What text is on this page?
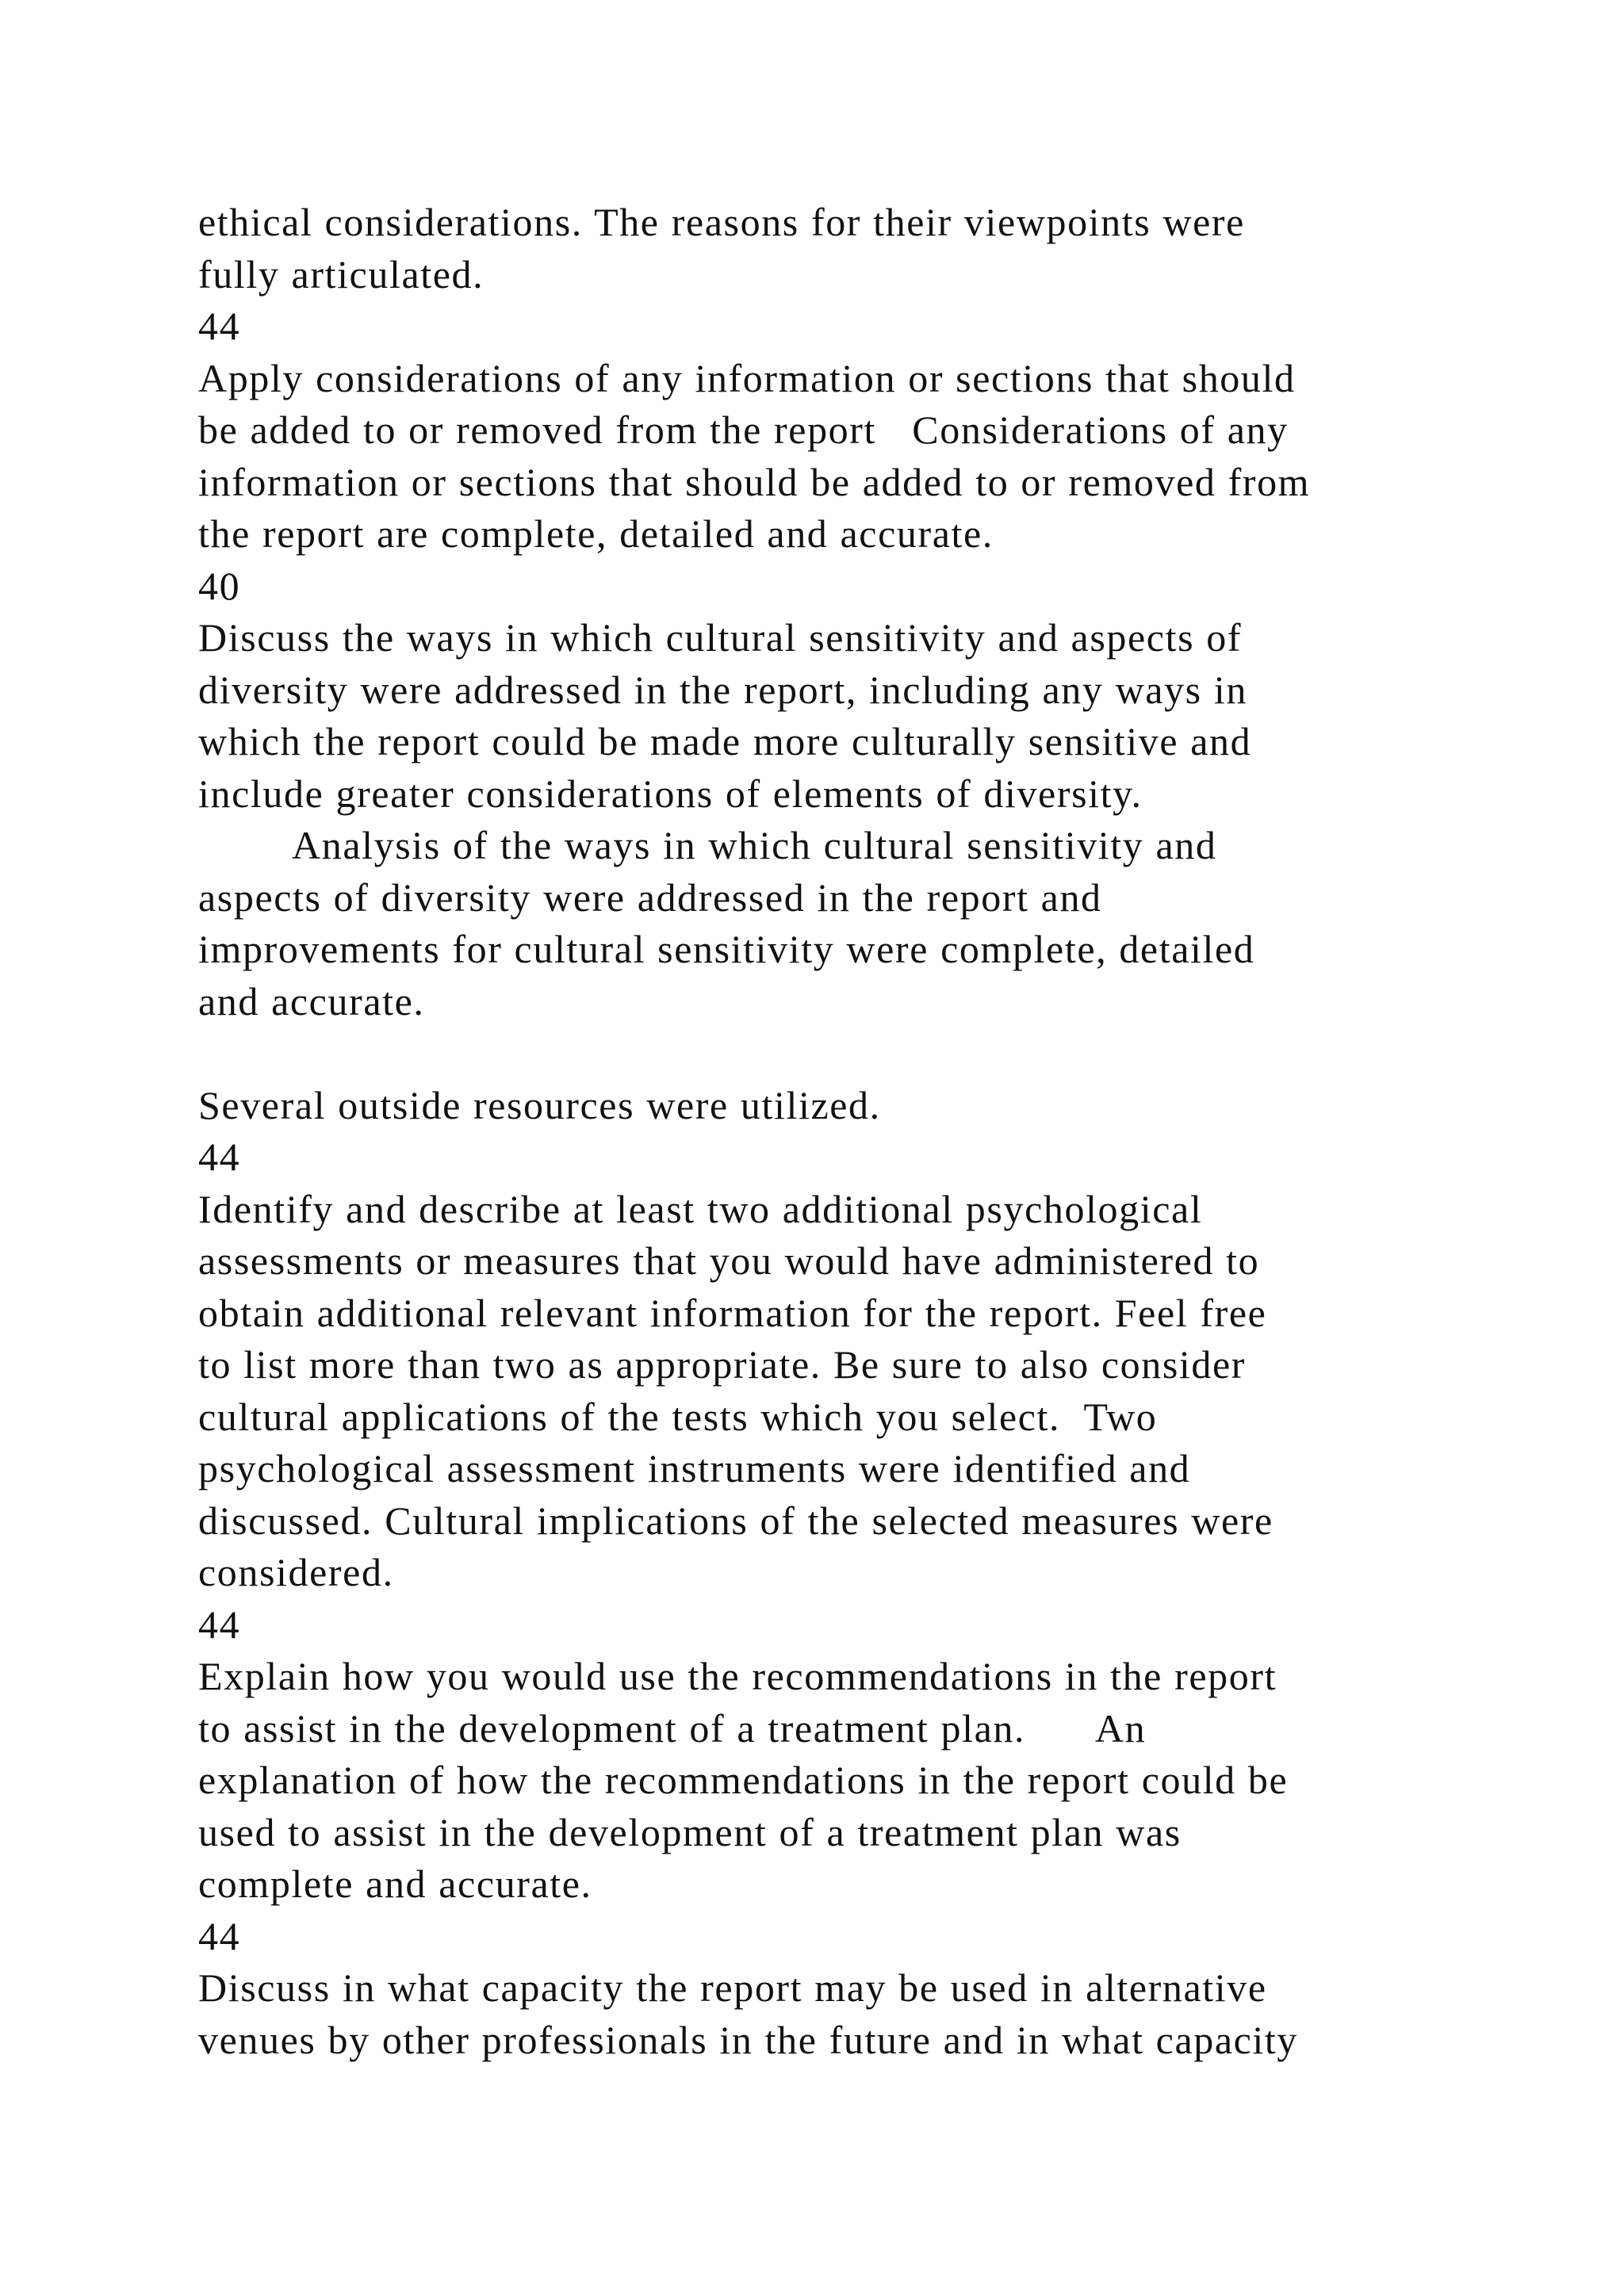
ethical considerations. The reasons for their viewpoints were
fully articulated.
44
Apply considerations of any information or sections that should
be added to or removed from the report   Considerations of any
information or sections that should be added to or removed from
the report are complete, detailed and accurate.
40
Discuss the ways in which cultural sensitivity and aspects of
diversity were addressed in the report, including any ways in
which the report could be made more culturally sensitive and
include greater considerations of elements of diversity.
Analysis of the ways in which cultural sensitivity and
aspects of diversity were addressed in the report and
improvements for cultural sensitivity were complete, detailed
and accurate.
Several outside resources were utilized.
44
Identify and describe at least two additional psychological
assessments or measures that you would have administered to
obtain additional relevant information for the report. Feel free
to list more than two as appropriate. Be sure to also consider
cultural applications of the tests which you select.  Two
psychological assessment instruments were identified and
discussed. Cultural implications of the selected measures were
considered.
44
Explain how you would use the recommendations in the report
to assist in the development of a treatment plan.      An
explanation of how the recommendations in the report could be
used to assist in the development of a treatment plan was
complete and accurate.
44
Discuss in what capacity the report may be used in alternative
venues by other professionals in the future and in what capacity
